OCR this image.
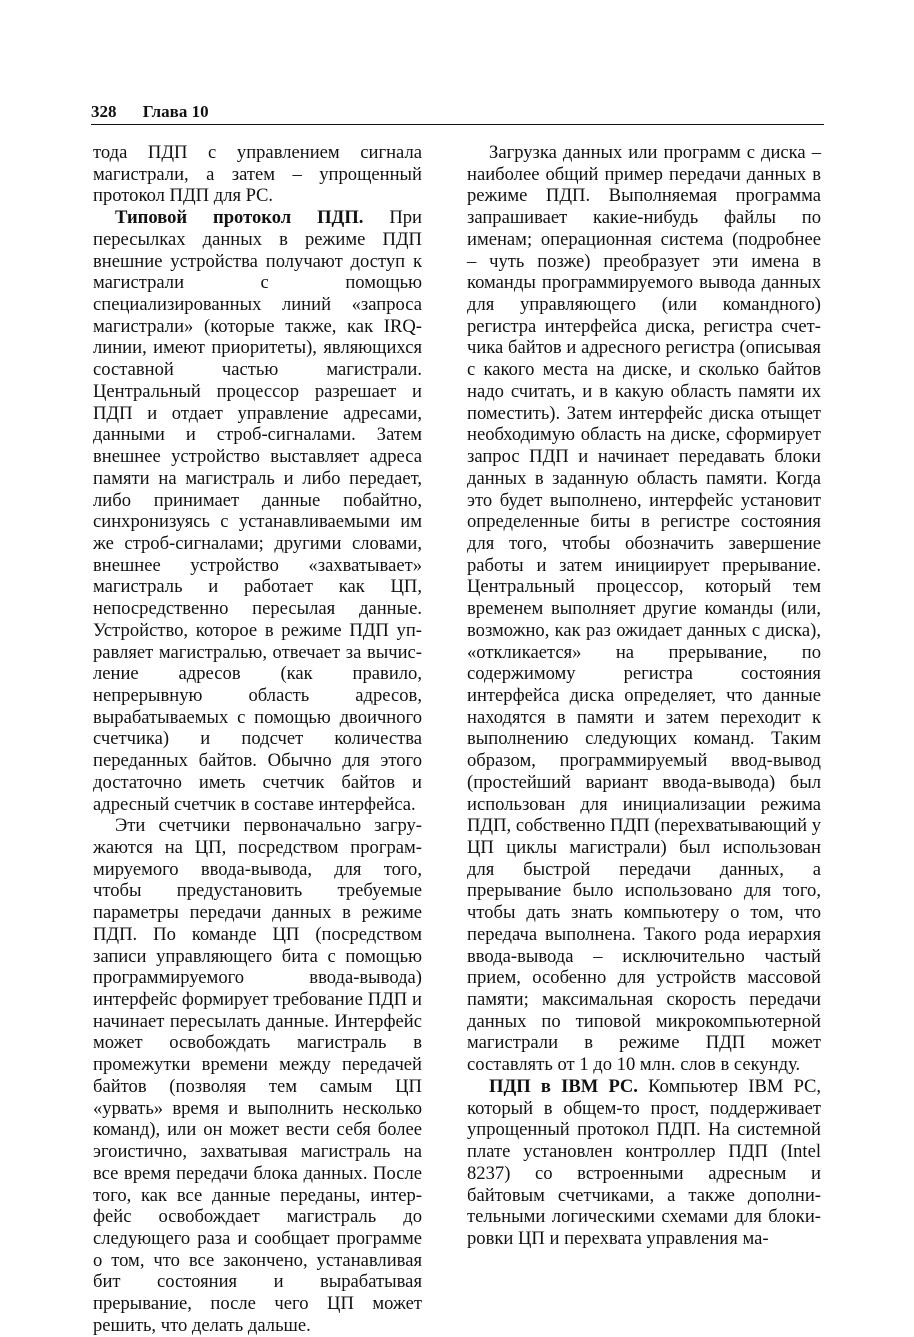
328 Глава 10

тода ПДП с управлением сигнала магистрали, а затем – упрощенный протокол ПДП для PC.

Типовой протокол ПДП. При пересылках данных в режиме ПДП внешние устройства получают доступ к магистрали с помощью специализированных линий «запроса магистрали» (которые также, как IRQ-линии, имеют приоритеты), являющихся составной частью магистрали. Центральный процессор разрешает и ПДП и отдает управление адресами, данными и строб-сигналами. Затем внешнее устройство выставляет адреса памяти на магистраль и либо передает, либо принимает данные побайтно, синхронизуясь с устанавливаемыми им же строб-сигналами; другими словами, внешнее устройство «захватывает» магистраль и работает как ЦП, непосредственно пересылая данные. Устройство, которое в режиме ПДП управляет магистралью, отвечает за вычисление адресов (как правило, непрерывную область адресов, вырабатываемых с помощью двоичного счетчика) и подсчет количества переданных байтов. Обычно для этого достаточно иметь счетчик байтов и адресный счетчик в составе интерфейса.

Эти счетчики первоначально загружаются на ЦП, посредством программируемого ввода-вывода, для того, чтобы предустановить требуемые параметры передачи данных в режиме ПДП. По команде ЦП (посредством записи управляющего бита с помощью программируемого ввода-вывода) интерфейс формирует требование ПДП и начинает пересылать данные. Интерфейс может освобождать магистраль в промежутки времени между передачей байтов (позволяя тем самым ЦП «урвать» время и выполнить несколько команд), или он может вести себя более эгоистично, захватывая магистраль на все время передачи блока данных. После того, как все данные переданы, интерфейс освобождает магистраль до следующего раза и сообщает программе о том, что все закончено, устанавливая бит состояния и вырабатывая прерывание, после чего ЦП может решить, что делать дальше.

Загрузка данных или программ с диска – наиболее общий пример передачи данных в режиме ПДП. Выполняемая программа запрашивает какие-нибудь файлы по именам; операционная система (подробнее – чуть позже) преобразует эти имена в команды программируемого вывода данных для управляющего (или командного) регистра интерфейса диска, регистра счетчика байтов и адресного регистра (описывая с какого места на диске, и сколько байтов надо считать, и в какую область памяти их поместить). Затем интерфейс диска отыщет необходимую область на диске, сформирует запрос ПДП и начинает передавать блоки данных в заданную область памяти. Когда это будет выполнено, интерфейс установит определенные биты в регистре состояния для того, чтобы обозначить завершение работы и затем инициирует прерывание. Центральный процессор, который тем временем выполняет другие команды (или, возможно, как раз ожидает данных с диска), «откликается» на прерывание, по содержимому регистра состояния интерфейса диска определяет, что данные находятся в памяти и затем переходит к выполнению следующих команд. Таким образом, программируемый ввод-вывод (простейший вариант ввода-вывода) был использован для инициализации режима ПДП, собственно ПДП (перехватывающий у ЦП циклы магистрали) был использован для быстрой передачи данных, а прерывание было использовано для того, чтобы дать знать компьютеру о том, что передача выполнена. Такого рода иерархия ввода-вывода – исключительно частый прием, особенно для устройств массовой памяти; максимальная скорость передачи данных по типовой микрокомпьютерной магистрали в режиме ПДП может составлять от 1 до 10 млн. слов в секунду.

ПДП в IBM PC. Компьютер IBM PC, который в общем-то прост, поддерживает упрощенный протокол ПДП. На системной плате установлен контроллер ПДП (Intel 8237) со встроенными адресным и байтовым счетчиками, а также дополнительными логическими схемами для блокировки ЦП и перехвата управления ма-
